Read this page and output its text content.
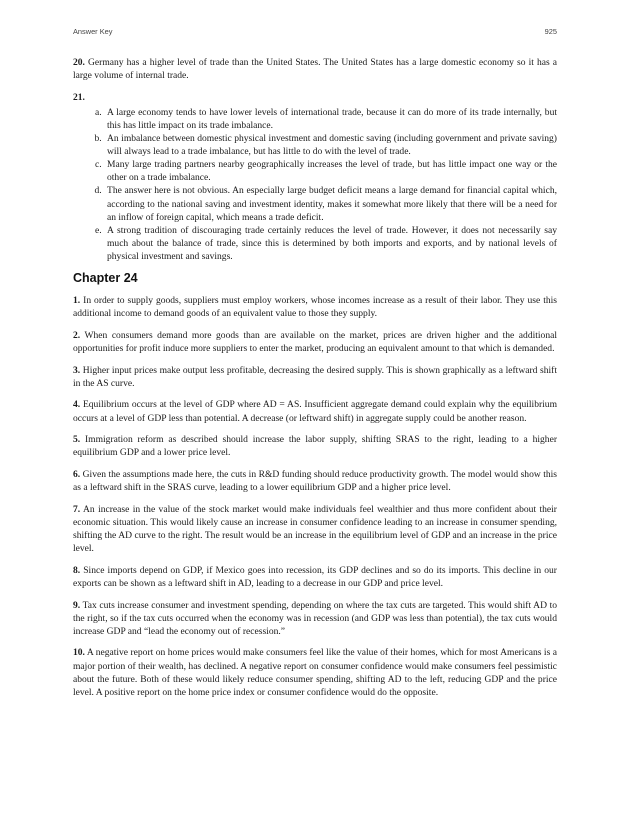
Answer Key	925

20. Germany has a higher level of trade than the United States. The United States has a large domestic economy so it has a large volume of internal trade.

21.

a. A large economy tends to have lower levels of international trade, because it can do more of its trade internally, but this has little impact on its trade imbalance.
b. An imbalance between domestic physical investment and domestic saving (including government and private saving) will always lead to a trade imbalance, but has little to do with the level of trade.
c. Many large trading partners nearby geographically increases the level of trade, but has little impact one way or the other on a trade imbalance.
d. The answer here is not obvious. An especially large budget deficit means a large demand for financial capital which, according to the national saving and investment identity, makes it somewhat more likely that there will be a need for an inflow of foreign capital, which means a trade deficit.
e. A strong tradition of discouraging trade certainly reduces the level of trade. However, it does not necessarily say much about the balance of trade, since this is determined by both imports and exports, and by national levels of physical investment and savings.
Chapter 24

1. In order to supply goods, suppliers must employ workers, whose incomes increase as a result of their labor. They use this additional income to demand goods of an equivalent value to those they supply.

2. When consumers demand more goods than are available on the market, prices are driven higher and the additional opportunities for profit induce more suppliers to enter the market, producing an equivalent amount to that which is demanded.

3. Higher input prices make output less profitable, decreasing the desired supply. This is shown graphically as a leftward shift in the AS curve.

4. Equilibrium occurs at the level of GDP where AD = AS. Insufficient aggregate demand could explain why the equilibrium occurs at a level of GDP less than potential. A decrease (or leftward shift) in aggregate supply could be another reason.

5. Immigration reform as described should increase the labor supply, shifting SRAS to the right, leading to a higher equilibrium GDP and a lower price level.

6. Given the assumptions made here, the cuts in R&D funding should reduce productivity growth. The model would show this as a leftward shift in the SRAS curve, leading to a lower equilibrium GDP and a higher price level.

7. An increase in the value of the stock market would make individuals feel wealthier and thus more confident about their economic situation. This would likely cause an increase in consumer confidence leading to an increase in consumer spending, shifting the AD curve to the right. The result would be an increase in the equilibrium level of GDP and an increase in the price level.

8. Since imports depend on GDP, if Mexico goes into recession, its GDP declines and so do its imports. This decline in our exports can be shown as a leftward shift in AD, leading to a decrease in our GDP and price level.

9. Tax cuts increase consumer and investment spending, depending on where the tax cuts are targeted. This would shift AD to the right, so if the tax cuts occurred when the economy was in recession (and GDP was less than potential), the tax cuts would increase GDP and “lead the economy out of recession.”

10. A negative report on home prices would make consumers feel like the value of their homes, which for most Americans is a major portion of their wealth, has declined. A negative report on consumer confidence would make consumers feel pessimistic about the future. Both of these would likely reduce consumer spending, shifting AD to the left, reducing GDP and the price level. A positive report on the home price index or consumer confidence would do the opposite.
